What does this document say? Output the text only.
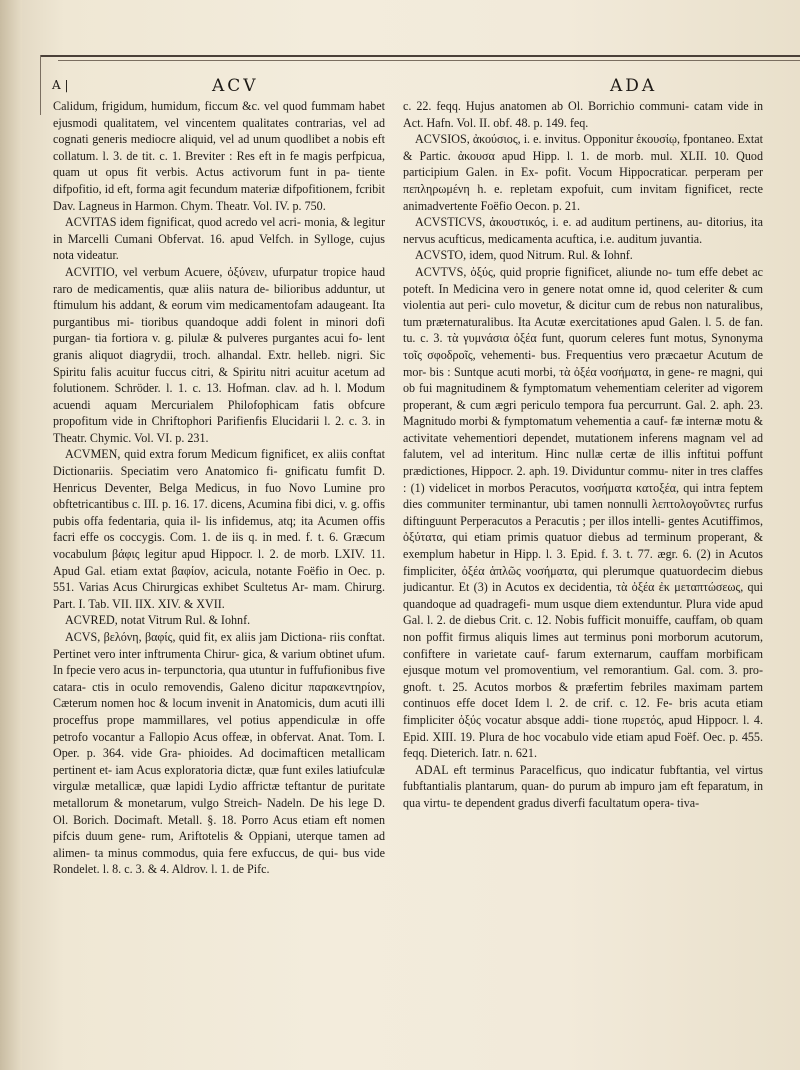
A |	ACV	ADA

Calidum, frigidum, humidum, ficcum &c. vel quod fummam habet ejusmodi qualitatem, vel vincentem qualitates contrarias, vel ad cognati generis mediocre aliquid, vel ad unum quodlibet a nobis eft collatum. l. 3. de tit. c. 1. Breviter : Res eft in fe magis perfpicua, quam ut opus fit verbis. Actus activorum funt in pa- tiente difpofitio, id eft, forma agit fecundum materiæ difpofitionem, fcribit Dav. Lagneus in Harmon. Chym. Theatr. Vol. IV. p. 750.

ACVITAS idem fignificat, quod acredo vel acri- monia, & legitur in Marcelli Cumani Obfervat. 16. apud Velfch. in Sylloge, cujus nota videatur.

ACVITIO, vel verbum Acuere, ὀξύνειν, ufurpatur tropice haud raro de medicamentis, quæ aliis natura de- bilioribus adduntur, ut ftimulum his addant, & eorum vim medicamentofam adaugeant. Ita purgantibus mi- tioribus quandoque addi folent in minori dofi purgan- tia fortiora v. g. pilulæ & pulveres purgantes acui fo- lent granis aliquot diagrydii, troch. alhandal. Extr. helleb. nigri. Sic Spiritu falis acuitur fuccus citri, & Spiritu nitri acuitur acetum ad folutionem. Schröder. l. 1. c. 13. Hofman. clav. ad h. l. Modum acuendi aquam Mercurialem Philofophicam fatis obfcure propofitum vide in Chriftophori Parifienfis Elucidarii l. 2. c. 3. in Theatr. Chymic. Vol. VI. p. 231.

ACVMEN, quid extra forum Medicum fignificet, ex aliis conftat Dictionariis. Speciatim vero Anatomico fi- gnificatu fumfit D. Henricus Deventer, Belga Medicus, in fuo Novo Lumine pro obftetricantibus c. III. p. 16. 17. dicens, Acumina fibi dici, v. g. offis pubis offa fedentaria, quia il- lis infidemus, atq; ita Acumen offis facri effe os coccygis. Com. 1. de iis q. in med. f. t. 6. Græcum vocabulum βάφις legitur apud Hippocr. l. 2. de morb. LXIV. 11. Apud Gal. etiam extat βαφίον, acicula, notante Foëfio in Oec. p. 551. Varias Acus Chirurgicas exhibet Scultetus Ar- mam. Chirurg. Part. I. Tab. VII. IIX. XIV. & XVII.

ACVRED, notat Vitrum Rul. & Iohnf.

ACVS, βελόνη, βαφίς, quid fit, ex aliis jam Dictiona- riis conftat. Pertinet vero inter inftrumenta Chirur- gica, & varium obtinet ufum. In fpecie vero acus in- terpunctoria, qua utuntur in fuffufionibus five catara- ctis in oculo removendis, Galeno dicitur παρακεντηρίον, Cæterum nomen hoc & locum invenit in Anatomicis, dum acuti illi proceffus prope mammillares, vel potius appendiculæ in offe petrofo vocantur a Fallopio Acus offeæ, in obfervat. Anat. Tom. I. Oper. p. 364. vide Gra- phioides. Ad docimafticen metallicam pertinent et- iam Acus exploratoria dictæ, quæ funt exiles latiufculæ virgulæ metallicæ, quæ lapidi Lydio affrictæ teftantur de puritate metallorum & monetarum, vulgo Streich- Nadeln. De his lege D. Ol. Borich. Docimaft. Metall. §. 18. Porro Acus etiam eft nomen pifcis duum gene- rum, Ariftotelis & Oppiani, uterque tamen ad alimen- ta minus commodus, quia fere exfuccus, de qui- bus vide Rondelet. l. 8. c. 3. & 4. Aldrov. l. 1. de Pifc.

c. 22. feqq. Hujus anatomen ab Ol. Borrichio communi- catam vide in Act. Hafn. Vol. II. obf. 48. p. 149. feq.

ACVSIOS, ἀκούσιος, i. e. invitus. Opponitur ἑκουσίῳ, fpontaneo. Extat & Partic. ἀκουσα apud Hipp. l. 1. de morb. mul. XLII. 10. Quod participium Galen. in Ex- pofit. Vocum Hippocraticar. perperam per πεπληρωμένη h. e. repletam expofuit, cum invitam fignificet, recte animadvertente Foëfio Oecon. p. 21.

ACVSTICVS, ἀκουστικός, i. e. ad auditum pertinens, au- ditorius, ita nervus acufticus, medicamenta acuftica, i.e. auditum juvantia.

ACVSTO, idem, quod Nitrum. Rul. & Iohnf.

ACVTVS, ὀξύς, quid proprie fignificet, aliunde no- tum effe debet ac poteft. In Medicina vero in genere notat omne id, quod celeriter & cum violentia aut peri- culo movetur, & dicitur cum de rebus non naturalibus, tum præternaturalibus. Ita Acutæ exercitationes apud Galen. l. 5. de fan. tu. c. 3. τὰ γυμνάσια ὀξέα funt, quorum celeres funt motus, Synonyma τοῖς σφοδροῖς, vehementi- bus. Frequentius vero præcaetur Acutum de mor- bis : Suntque acuti morbi, τὰ ὀξέα νοσήματα, in gene- re magni, qui ob fui magnitudinem & fymptomatum vehementiam celeriter ad vigorem properant, & cum ægri periculo tempora fua percurrunt. Gal. 2. aph. 23. Magnitudo morbi & fymptomatum vehementia a cauf- fæ internæ motu & activitate vehementiori dependet, mutationem inferens magnam vel ad falutem, vel ad interitum. Hinc nullæ certæ de illis inftitui poffunt prædictiones, Hippocr. 2. aph. 19. Dividuntur commu- niter in tres claffes : (1) videlicet in morbos Peracutos, νοσήματα κατοξέα, qui intra feptem dies communiter terminantur, ubi tamen nonnulli λεπτολογοῦντες rurfus diftinguunt Perperacutos a Peracutis ; per illos intelli- gentes Acutiffimos, ὀξύτατα, qui etiam primis quatuor diebus ad terminum properant, & exemplum habetur in Hipp. l. 3. Epid. f. 3. t. 77. ægr. 6. (2) in Acutos fimpliciter, ὀξέα ἁπλῶς νοσήματα, qui plerumque quatuordecim diebus judicantur. Et (3) in Acutos ex decidentia, τὰ ὀξέα ἐκ μεταπτώσεως, qui quandoque ad quadragefi- mum usque diem extenduntur. Plura vide apud Gal. l. 2. de diebus Crit. c. 12. Nobis fufficit monuiffe, cauffam, ob quam non poffit firmus aliquis limes aut terminus poni morborum acutorum, confiftere in varietate cauf- farum externarum, cauffam morbificam ejusque motum vel promoventium, vel remorantium. Gal. com. 3. pro- gnoft. t. 25. Acutos morbos & præfertim febriles maximam partem continuos effe docet Idem l. 2. de crif. c. 12. Fe- bris acuta etiam fimpliciter ὀξύς vocatur absque addi- tione πυρετός, apud Hippocr. l. 4. Epid. XIII. 19. Plura de hoc vocabulo vide etiam apud Foëf. Oec. p. 455. feqq. Dieterich. Iatr. n. 621.

ADAL eft terminus Paracelficus, quo indicatur fubftantia, vel virtus fubftantialis plantarum, quan- do purum ab impuro jam eft feparatum, in qua virtu- te dependent gradus diverfi facultatum opera- tiva-
